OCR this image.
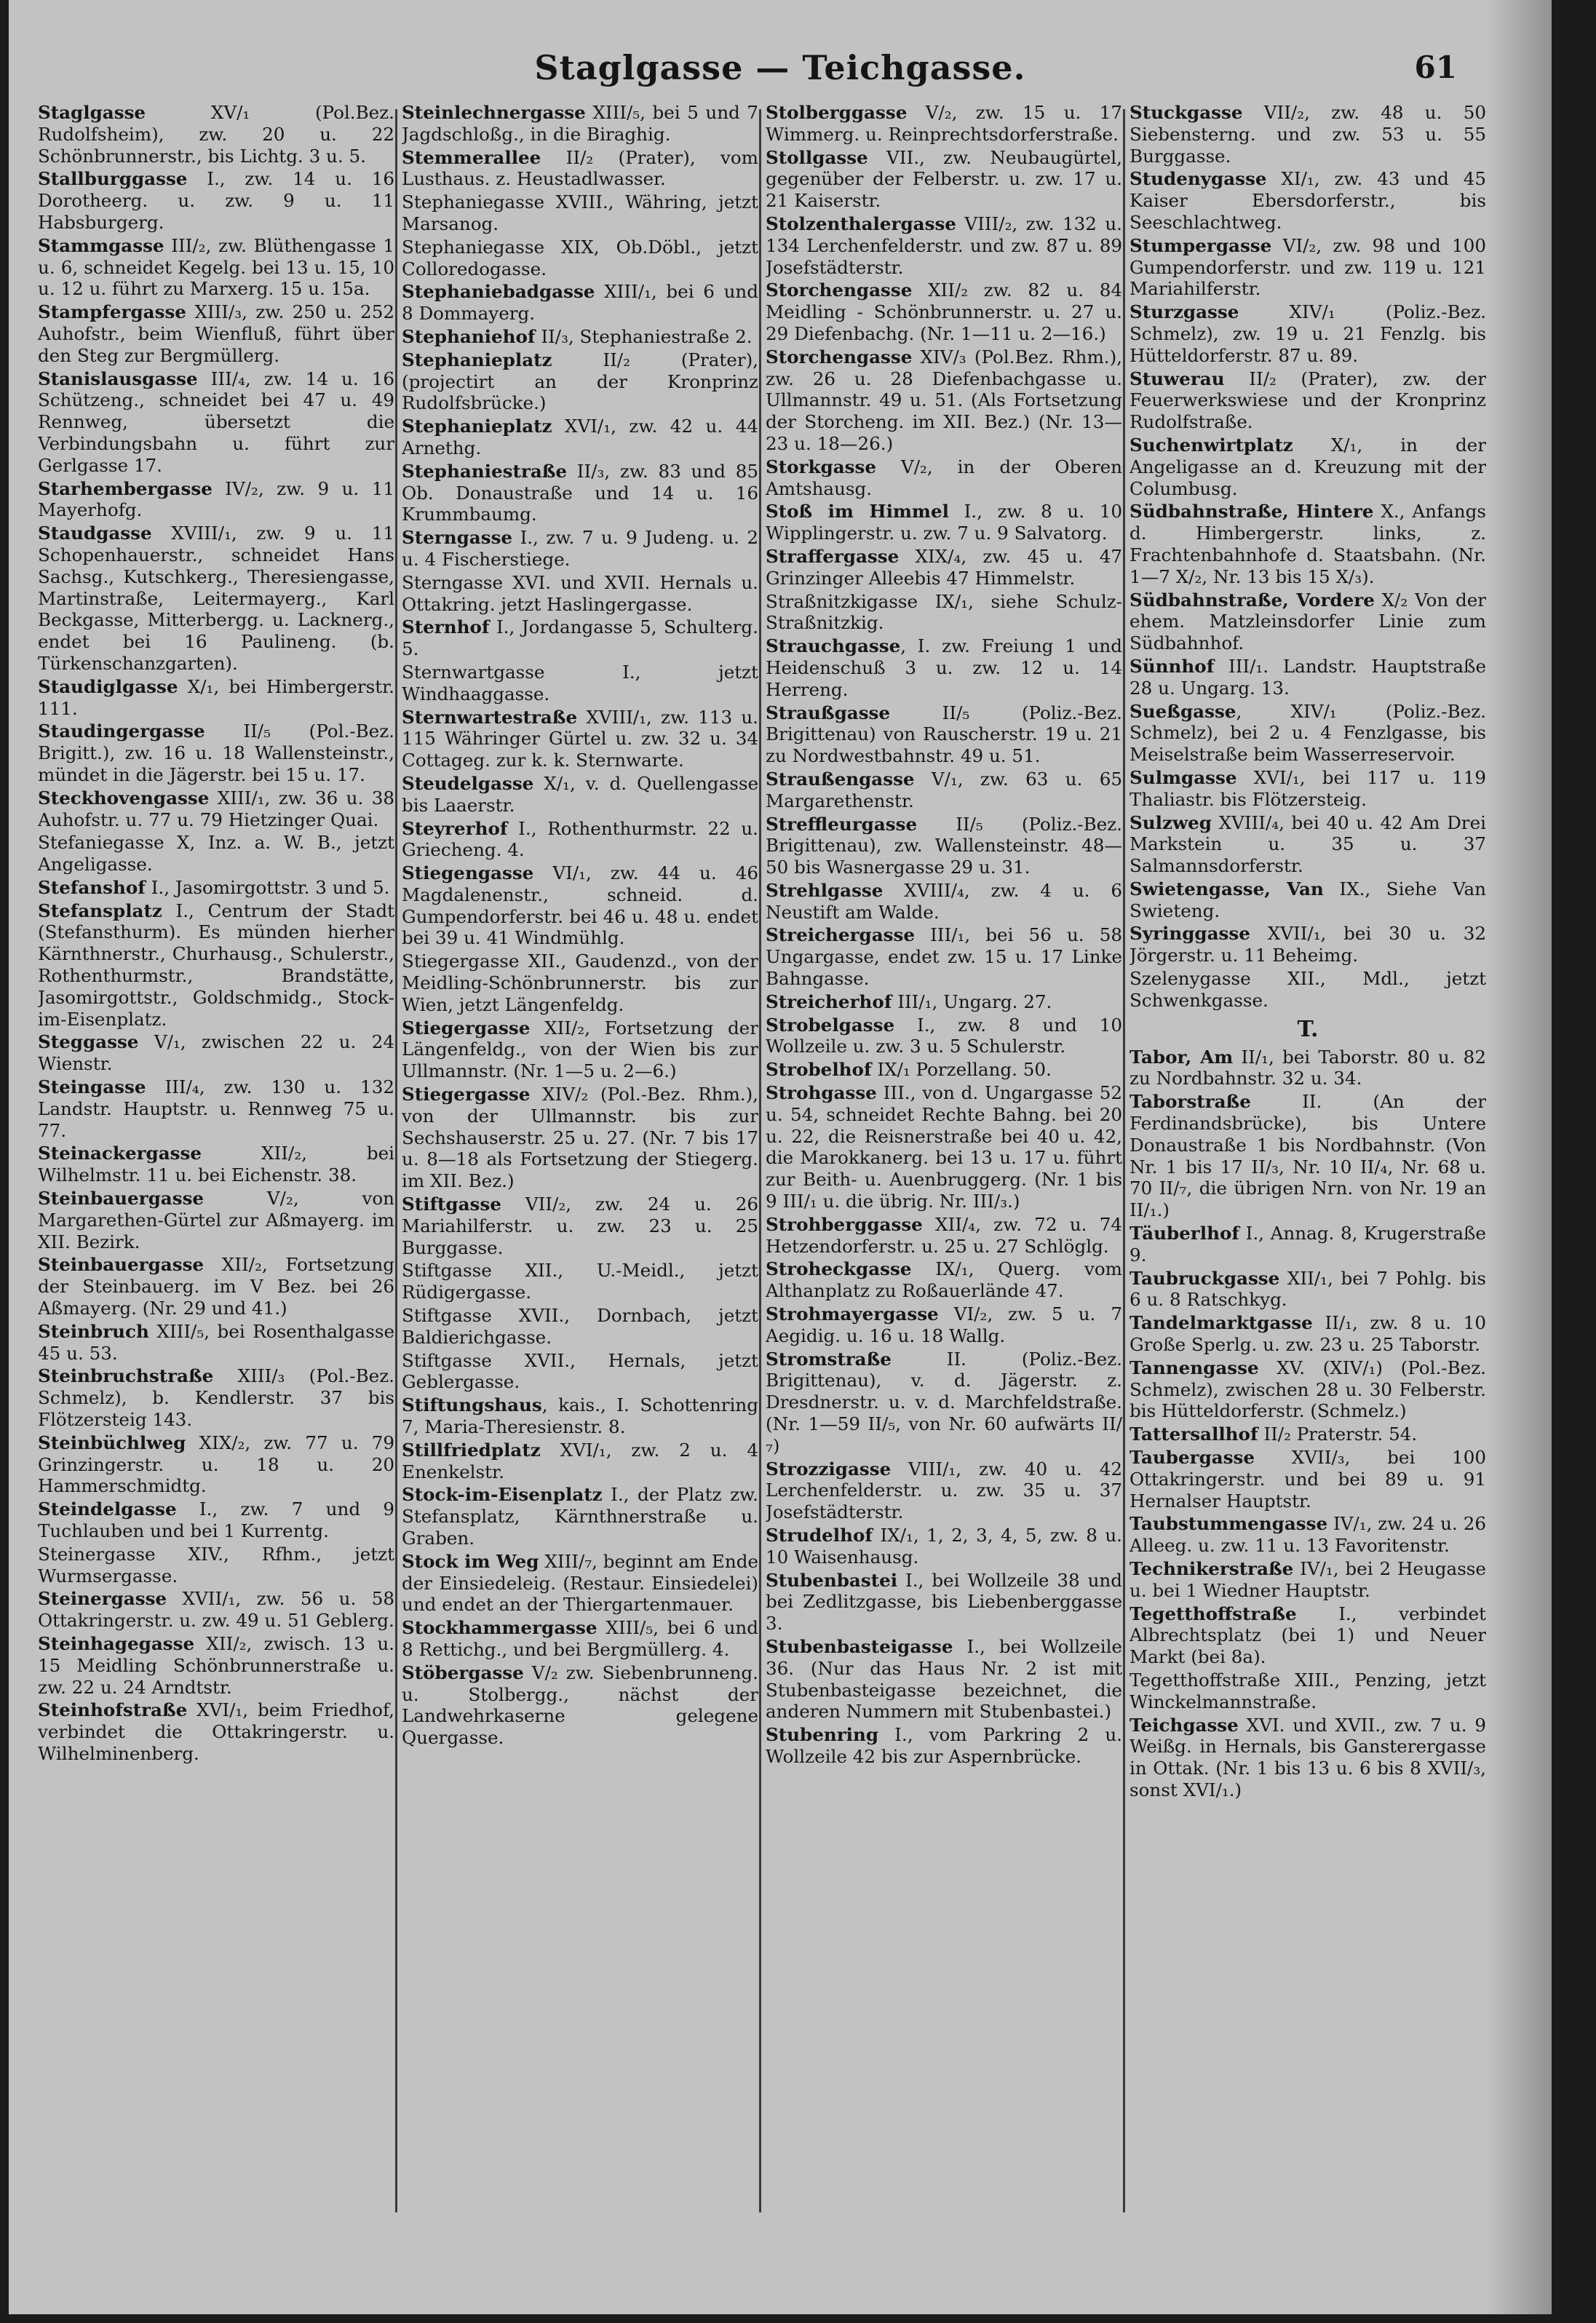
Staglgasse — Teichgasse.	61
Staglgasse XV/₁ (Pol.Bez. Rudolfsheim), zw. 20 u. 22 Schönbrunnerstr., bis Lichtg. 3 u. 5.
Stallburggasse I., zw. 14 u. 16 Dorotheerg. u. zw. 9 u. 11 Habsburgerg.
Stammgasse III/₂, zw. Blüthengasse 1 u. 6, schneidet Kegelg. bei 13 u. 15, 10 u. 12 u. führt zu Marxerg. 15 u. 15a.
Stampfergasse XIII/₃, zw. 250 u. 252 Auhofstr., beim Wienfluß, führt über den Steg zur Bergmüllerg.
Stanislausgasse III/₄, zw. 14 u. 16 Schützeng., schneidet bei 47 u. 49 Rennweg, übersetzt die Verbindungsbahn u. führt zur Gerlgasse 17.
Starhembergasse IV/₂, zw. 9 u. 11 Mayerhofg.
Staudgasse XVIII/₁, zw. 9 u. 11 Schopenhauerstr., schneidet Hans Sachsg., Kutschkerg., Theresiengasse, Martinstraße, Leitermayerg., Karl Beckgasse, Mitterbergg. u. Lacknerg., endet bei 16 Paulineng. (b. Türkenschanzgarten).
Staudiglgasse X/₁, bei Himbergerstr. 111.
Staudingergasse II/₅ (Pol.-Bez. Brigitt.), zw. 16 u. 18 Wallensteinstr., mündet in die Jägerstr. bei 15 u. 17.
Steckhovengasse XIII/₁, zw. 36 u. 38 Auhofstr. u. 77 u. 79 Hietzinger Quai.
Stefaniegasse X, Inz. a. W. B., jetzt Angeligasse.
Stefanshof I., Jasomirgottstr. 3 und 5.
Stefansplatz I., Centrum der Stadt (Stefansthurm). Es münden hierher Kärnthnerstr., Churhausg., Schulerstr., Rothenthurmstr., Brandstätte, Jasomirgottstr., Goldschmidg., Stock-im-Eisenplatz.
Steggasse V/₁, zwischen 22 u. 24 Wienstr.
Steingasse III/₄, zw. 130 u. 132 Landstr. Hauptstr. u. Rennweg 75 u. 77.
Steinackergasse XII/₂, bei Wilhelmstr. 11 u. bei Eichenstr. 38.
Steinbauergasse V/₂, von Margarethen-Gürtel zur Aßmayerg. im XII. Bezirk.
Steinbauergasse XII/₂, Fortsetzung der Steinbauerg. im V Bez. bei 26 Aßmayerg. (Nr. 29 und 41.)
Steinbruch XIII/₅, bei Rosenthalgasse 45 u. 53.
Steinbruchstraße XIII/₃ (Pol.-Bez. Schmelz), b. Kendlerstr. 37 bis Flötzersteig 143.
Steinbüchlweg XIX/₂, zw. 77 u. 79 Grinzingerstr. u. 18 u. 20 Hammerschmidtg.
Steindelgasse I., zw. 7 und 9 Tuchlauben und bei 1 Kurrentg.
Steinergasse XIV., Rfhm., jetzt Wurmsergasse.
Steinergasse XVII/₁, zw. 56 u. 58 Ottakringerstr. u. zw. 49 u. 51 Geblerg.
Steinhagegasse XII/₂, zwisch. 13 u. 15 Meidling Schönbrunnerstraße u. zw. 22 u. 24 Arndtstr.
Steinhofstraße XVI/₁, beim Friedhof, verbindet die Ottakringerstr. u. Wilhelminenberg.
Steinlechnergasse XIII/₅, bei 5 und 7 Jagdschloßg., in die Biraghig.
Stemmerallee II/₂ (Prater), vom Lusthaus. z. Heustadlwasser.
Stephaniegasse XVIII., Währing, jetzt Marsanog.
Stephaniegasse XIX, Ob.Döbl., jetzt Colloredogasse.
Stephaniebadgasse XIII/₁, bei 6 und 8 Dommayerg.
Stephaniehof II/₃, Stephaniestraße 2.
Stephanieplatz II/₂ (Prater), (projectirt an der Kronprinz Rudolfsbrücke.)
Stephanieplatz XVI/₁, zw. 42 u. 44 Arnethg.
Stephaniestraße II/₃, zw. 83 und 85 Ob. Donaustraße und 14 u. 16 Krummbaumg.
Sterngasse I., zw. 7 u. 9 Judeng. u. 2 u. 4 Fischerstiege.
Sterngasse XVI. und XVII. Hernals u. Ottakring. jetzt Haslingergasse.
Sternhof I., Jordangasse 5, Schulterg. 5.
Sternwartgasse I., jetzt Windhaaggasse.
Sternwartestraße XVIII/₁, zw. 113 u. 115 Währinger Gürtel u. zw. 32 u. 34 Cottageg. zur k. k. Sternwarte.
Steudelgasse X/₁, v. d. Quellengasse bis Laaerstr.
Steyrerhof I., Rothenthurmstr. 22 u. Griecheng. 4.
Stiegengasse VI/₁, zw. 44 u. 46 Magdalenenstr., schneid. d. Gumpendorferstr. bei 46 u. 48 u. endet bei 39 u. 41 Windmühlg.
Stiegergasse XII., Gaudenzd., von der Meidling-Schönbrunnerstr. bis zur Wien, jetzt Längenfeldg.
Stiegergasse XII/₂, Fortsetzung der Längenfeldg., von der Wien bis zur Ullmannstr. (Nr. 1—5 u. 2—6.)
Stiegergasse XIV/₂ (Pol.-Bez. Rhm.), von der Ullmannstr. bis zur Sechshauserstr. 25 u. 27. (Nr. 7 bis 17 u. 8—18 als Fortsetzung der Stiegerg. im XII. Bez.)
Stiftgasse VII/₂, zw. 24 u. 26 Mariahilferstr. u. zw. 23 u. 25 Burggasse.
Stiftgasse XII., U.-Meidl., jetzt Rüdigergasse.
Stiftgasse XVII., Dornbach, jetzt Baldierichgasse.
Stiftgasse XVII., Hernals, jetzt Geblergasse.
Stiftungshaus, kais., I. Schottenring 7, Maria-Theresienstr. 8.
Stillfriedplatz XVI/₁, zw. 2 u. 4 Enenkelstr.
Stock-im-Eisenplatz I., der Platz zw. Stefansplatz, Kärnthnerstraße u. Graben.
Stock im Weg XIII/₇, beginnt am Ende der Einsiedeleig. (Restaur. Einsiedelei) und endet an der Thiergartenmauer.
Stockhammergasse XIII/₅, bei 6 und 8 Rettichg., und bei Bergmüllerg. 4.
Stöbergasse V/₂ zw. Siebenbrunneng. u. Stolbergg., nächst der Landwehrkaserne gelegene Quergasse.
Stolberggasse V/₂, zw. 15 u. 17 Wimmerg. u. Reinprechtsdorferstraße.
Stollgasse VII., zw. Neubaugürtel, gegenüber der Felberstr. u. zw. 17 u. 21 Kaiserstr.
Stolzenthalergasse VIII/₂, zw. 132 u. 134 Lerchenfelderstr. und zw. 87 u. 89 Josefstädterstr.
Storchengasse XII/₂ zw. 82 u. 84 Meidling - Schönbrunnerstr. u. 27 u. 29 Diefenbachg. (Nr. 1—11 u. 2—16.)
Storchengasse XIV/₃ (Pol.Bez. Rhm.), zw. 26 u. 28 Diefenbachgasse u. Ullmannstr. 49 u. 51. (Als Fortsetzung der Storcheng. im XII. Bez.) (Nr. 13—23 u. 18—26.)
Storkgasse V/₂, in der Oberen Amtshausg.
Stoß im Himmel I., zw. 8 u. 10 Wipplingerstr. u. zw. 7 u. 9 Salvatorg.
Straffergasse XIX/₄, zw. 45 u. 47 Grinzinger Alleebis 47 Himmelstr.
Straßnitzkigasse IX/₁, siehe Schulz-Straßnitzkig.
Strauchgasse, I. zw. Freiung 1 und Heidenschuß 3 u. zw. 12 u. 14 Herreng.
Straußgasse II/₅ (Poliz.-Bez. Brigittenau) von Rauscherstr. 19 u. 21 zu Nordwestbahnstr. 49 u. 51.
Straußengasse V/₁, zw. 63 u. 65 Margarethenstr.
Streffleurgasse II/₅ (Poliz.-Bez. Brigittenau), zw. Wallensteinstr. 48—50 bis Wasnergasse 29 u. 31.
Strehlgasse XVIII/₄, zw. 4 u. 6 Neustift am Walde.
Streichergasse III/₁, bei 56 u. 58 Ungargasse, endet zw. 15 u. 17 Linke Bahngasse.
Streicherhof III/₁, Ungarg. 27.
Strobelgasse I., zw. 8 und 10 Wollzeile u. zw. 3 u. 5 Schulerstr.
Strobelhof IX/₁ Porzellang. 50.
Strohgasse III., von d. Ungargasse 52 u. 54, schneidet Rechte Bahng. bei 20 u. 22, die Reisnerstraße bei 40 u. 42, die Marokkanerg. bei 13 u. 17 u. führt zur Beith- u. Auenbruggerg. (Nr. 1 bis 9 III/₁ u. die übrig. Nr. III/₃.)
Strohberggasse XII/₄, zw. 72 u. 74 Hetzendorferstr. u. 25 u. 27 Schlöglg.
Stroheckgasse IX/₁, Querg. vom Althanplatz zu Roßauerlände 47.
Strohmayergasse VI/₂, zw. 5 u. 7 Aegidig. u. 16 u. 18 Wallg.
Stromstraße II. (Poliz.-Bez. Brigittenau), v. d. Jägerstr. z. Dresdnerstr. u. v. d. Marchfeldstraße. (Nr. 1—59 II/₅, von Nr. 60 aufwärts II/₇)
Strozzigasse VIII/₁, zw. 40 u. 42 Lerchenfelderstr. u. zw. 35 u. 37 Josefstädterstr.
Strudelhof IX/₁, 1, 2, 3, 4, 5, zw. 8 u. 10 Waisenhausg.
Stubenbastei I., bei Wollzeile 38 und bei Zedlitzgasse, bis Liebenberggasse 3.
Stubenbasteigasse I., bei Wollzeile 36. (Nur das Haus Nr. 2 ist mit Stubenbasteigasse bezeichnet, die anderen Nummern mit Stubenbastei.)
Stubenring I., vom Parkring 2 u. Wollzeile 42 bis zur Aspernbrücke.
Stuckgasse VII/₂, zw. 48 u. 50 Siebensterng. und zw. 53 u. 55 Burggasse.
Studenygasse XI/₁, zw. 43 und 45 Kaiser Ebersdorferstr., bis Seeschlachtweg.
Stumpergasse VI/₂, zw. 98 und 100 Gumpendorferstr. und zw. 119 u. 121 Mariahilferstr.
Sturzgasse XIV/₁ (Poliz.-Bez. Schmelz), zw. 19 u. 21 Fenzlg. bis Hütteldorferstr. 87 u. 89.
Stuwerau II/₂ (Prater), zw. der Feuerwerkswiese und der Kronprinz Rudolfstraße.
Suchenwirtplatz X/₁, in der Angeligasse an d. Kreuzung mit der Columbusg.
Südbahnstraße, Hintere X., Anfangs d. Himbergerstr. links, z. Frachtenbahnhofe d. Staatsbahn. (Nr. 1—7 X/₂, Nr. 13 bis 15 X/₃).
Südbahnstraße, Vordere X/₂ Von der ehem. Matzleinsdorfer Linie zum Südbahnhof.
Sünnhof III/₁. Landstr. Hauptstraße 28 u. Ungarg. 13.
Sueßgasse, XIV/₁ (Poliz.-Bez. Schmelz), bei 2 u. 4 Fenzlgasse, bis Meiselstraße beim Wasserreservoir.
Sulmgasse XVI/₁, bei 117 u. 119 Thaliastr. bis Flötzersteig.
Sulzweg XVIII/₄, bei 40 u. 42 Am Drei Markstein u. 35 u. 37 Salmannsdorferstr.
Swietengasse, Van IX., Siehe Van Swieteng.
Syringgasse XVII/₁, bei 30 u. 32 Jörgerstr. u. 11 Beheimg.
Szelenygasse XII., Mdl., jetzt Schwenkgasse.
T.
Tabor, Am II/₁, bei Taborstr. 80 u. 82 zu Nordbahnstr. 32 u. 34.
Taborstraße II. (An der Ferdinandsbrücke), bis Untere Donaustraße 1 bis Nordbahnstr. (Von Nr. 1 bis 17 II/₃, Nr. 10 II/₄, Nr. 68 u. 70 II/₇, die übrigen Nrn. von Nr. 19 an II/₁.)
Täuberlhof I., Annag. 8, Krugerstraße 9.
Taubruckgasse XII/₁, bei 7 Pohlg. bis 6 u. 8 Ratschkyg.
Tandelmarktgasse II/₁, zw. 8 u. 10 Große Sperlg. u. zw. 23 u. 25 Taborstr.
Tannengasse XV. (XIV/₁) (Pol.-Bez. Schmelz), zwischen 28 u. 30 Felberstr. bis Hütteldorferstr. (Schmelz.)
Tattersallhof II/₂ Praterstr. 54.
Taubergasse XVII/₃, bei 100 Ottakringerstr. und bei 89 u. 91 Hernalser Hauptstr.
Taubstummengasse IV/₁, zw. 24 u. 26 Alleeg. u. zw. 11 u. 13 Favoritenstr.
Technikerstraße IV/₁, bei 2 Heugasse u. bei 1 Wiedner Hauptstr.
Tegetthoffstraße I., verbindet Albrechtsplatz (bei 1) und Neuer Markt (bei 8a).
Tegetthoffstraße XIII., Penzing, jetzt Winckelmannstraße.
Teichgasse XVI. und XVII., zw. 7 u. 9 Weißg. in Hernals, bis Gansterergasse in Ottak. (Nr. 1 bis 13 u. 6 bis 8 XVII/₃, sonst XVI/₁.)
